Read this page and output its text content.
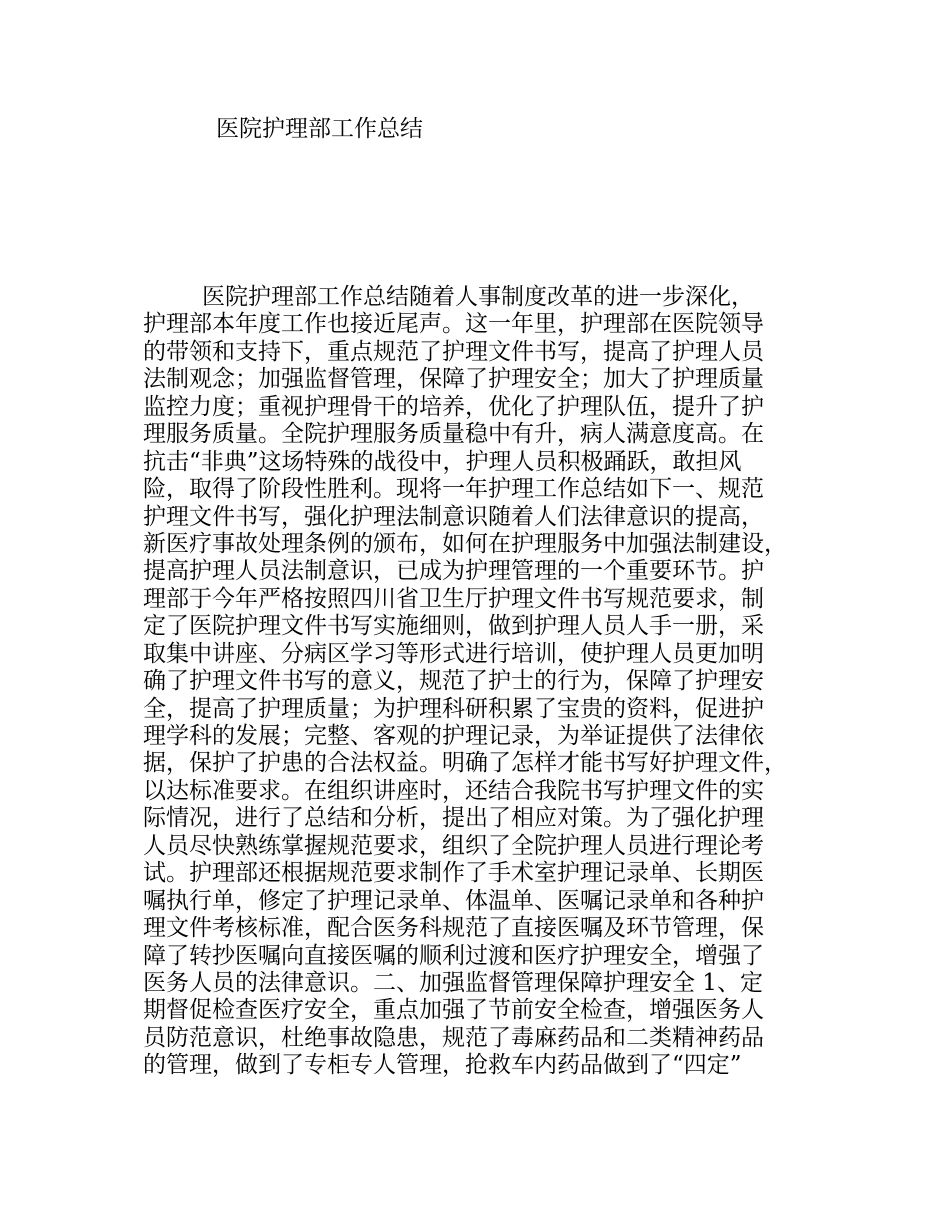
医院护理部工作总结
医院护理部工作总结随着人事制度改革的进一步深化，
护理部本年度工作也接近尾声。这一年里，护理部在医院领导
的带领和支持下，重点规范了护理文件书写，提高了护理人员
法制观念；加强监督管理，保障了护理安全；加大了护理质量
监控力度；重视护理骨干的培养，优化了护理队伍，提升了护
理服务质量。全院护理服务质量稳中有升，病人满意度高。在
抗击“非典”这场特殊的战役中，护理人员积极踊跃，敢担风
险，取得了阶段性胜利。现将一年护理工作总结如下一、规范
护理文件书写，强化护理法制意识随着人们法律意识的提高，
新医疗事故处理条例的颁布，如何在护理服务中加强法制建设，
提高护理人员法制意识，已成为护理管理的一个重要环节。护
理部于今年严格按照四川省卫生厅护理文件书写规范要求，制
定了医院护理文件书写实施细则，做到护理人员人手一册，采
取集中讲座、分病区学习等形式进行培训，使护理人员更加明
确了护理文件书写的意义，规范了护士的行为，保障了护理安
全，提高了护理质量；为护理科研积累了宝贵的资料，促进护
理学科的发展；完整、客观的护理记录，为举证提供了法律依
据，保护了护患的合法权益。明确了怎样才能书写好护理文件，
以达标准要求。在组织讲座时，还结合我院书写护理文件的实
际情况，进行了总结和分析，提出了相应对策。为了强化护理
人员尽快熟练掌握规范要求，组织了全院护理人员进行理论考
试。护理部还根据规范要求制作了手术室护理记录单、长期医
嘱执行单，修定了护理记录单、体温单、医嘱记录单和各种护
理文件考核标准，配合医务科规范了直接医嘱及环节管理，保
障了转抄医嘱向直接医嘱的顺利过渡和医疗护理安全，增强了
医务人员的法律意识。二、加强监督管理保障护理安全 1、定
期督促检查医疗安全，重点加强了节前安全检查，增强医务人
员防范意识，杜绝事故隐患，规范了毒麻药品和二类精神药品
的管理，做到了专柜专人管理，抢救车内药品做到了“四定”
